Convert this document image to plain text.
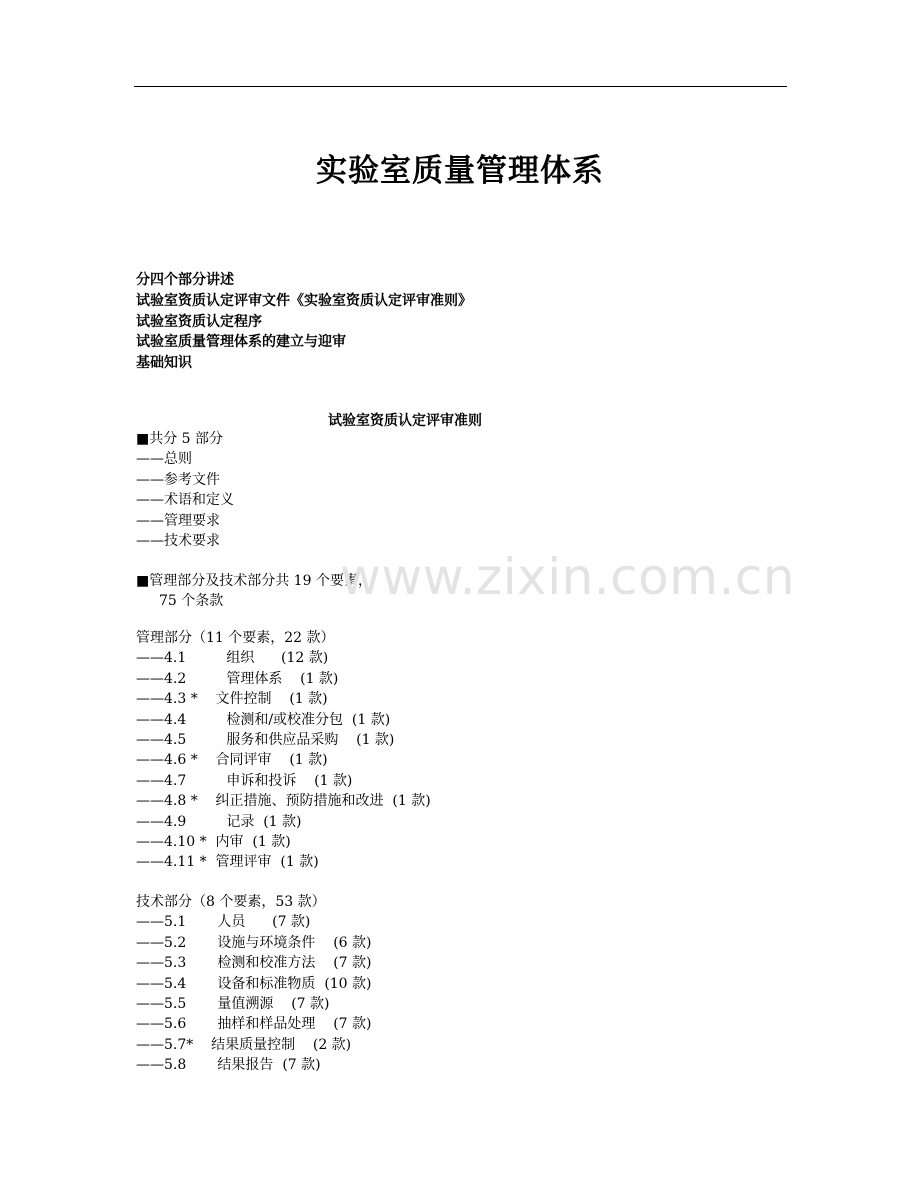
实验室质量管理体系
分四个部分讲述
试验室资质认定评审文件《实验室资质认定评审准则》
试验室资质认定程序
试验室质量管理体系的建立与迎审
基础知识
试验室资质认定评审准则
■共分 5 部分
——总则
——参考文件
——术语和定义
——管理要求
——技术要求
■管理部分及技术部分共 19 个要素，
75 个条款
管理部分（11 个要素，22 款）
——4.1         组织      (12 款)
——4.2         管理体系    (1 款)
——4.3 *    文件控制    (1 款)
——4.4         检测和/或校准分包  (1 款)
——4.5         服务和供应品采购    (1 款)
——4.6 *    合同评审    (1 款)
——4.7         申诉和投诉    (1 款)
——4.8 *    纠正措施、预防措施和改进  (1 款)
——4.9         记录  (1 款)
——4.10 *  内审  (1 款)
——4.11 *  管理评审  (1 款)
技术部分（8 个要素，53 款）
——5.1       人员      (7 款)
——5.2       设施与环境条件    (6 款)
——5.3       检测和校准方法    (7 款)
——5.4       设备和标准物质  (10 款)
——5.5       量值溯源    (7 款)
——5.6       抽样和样品处理    (7 款)
——5.7*    结果质量控制    (2 款)
——5.8       结果报告  (7 款)
www.zixin.com.cn
